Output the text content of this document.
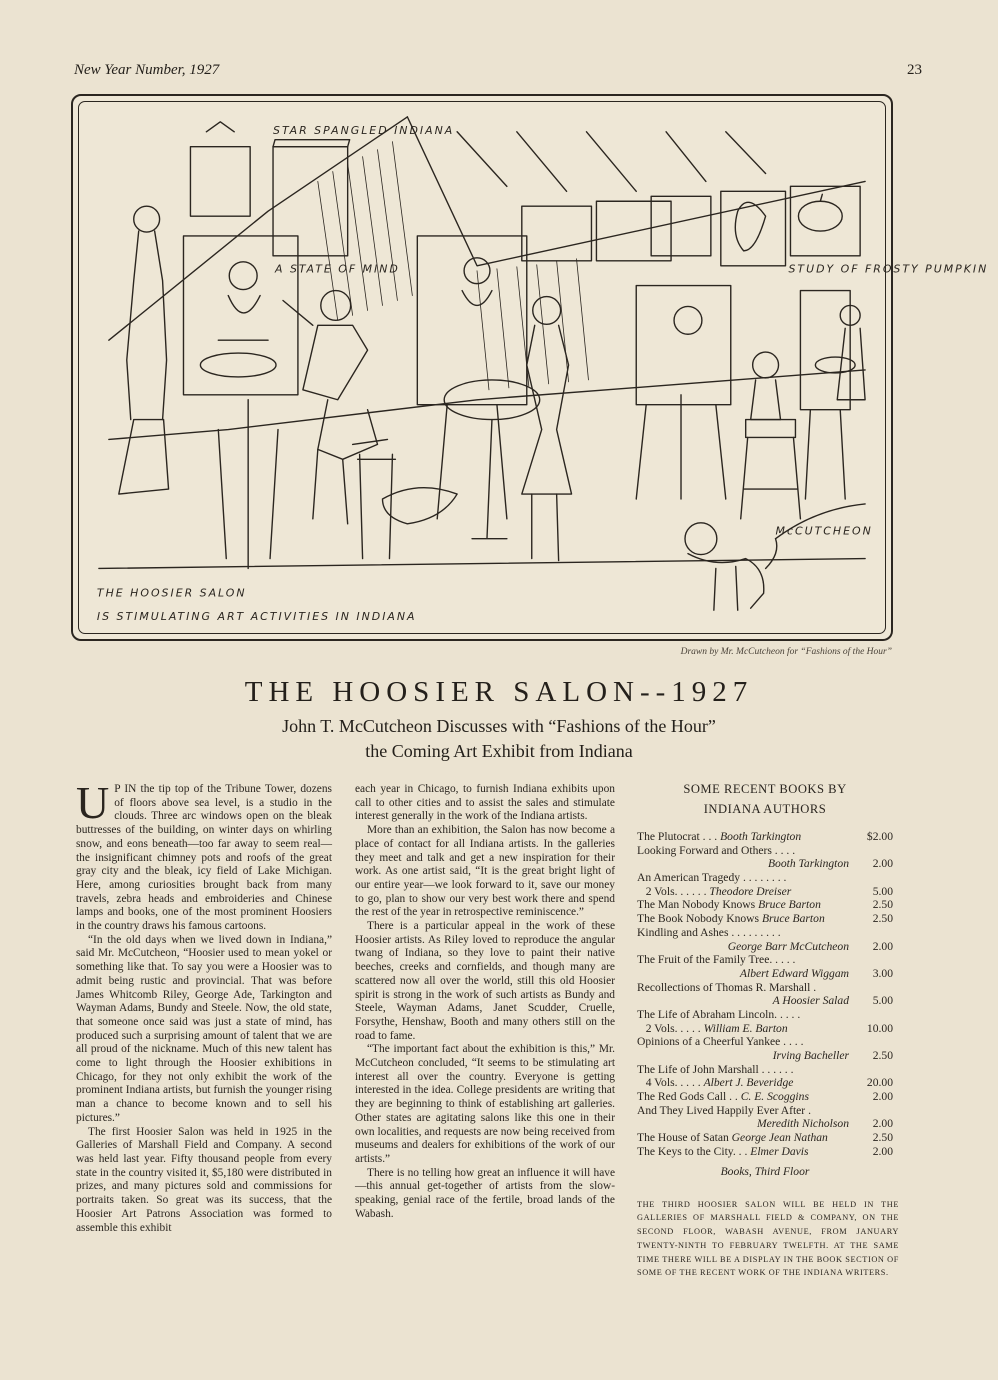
New Year Number, 1927	23
STAR SPANGLED INDIANA
A STATE OF MIND	STUDY OF FROSTY PUMPKIN
McCUTCHEON
THE HOOSIER SALON
IS STIMULATING ART ACTIVITIES IN INDIANA
Drawn by Mr. McCutcheon for “Fashions of the Hour”
THE HOOSIER SALON--1927
John T. McCutcheon Discusses with “Fashions of the Hour”
the Coming Art Exhibit from Indiana

U P IN the tip top of the Tribune Tower, dozens of floors above sea level, is a studio in the clouds. Three arc windows open on the bleak buttresses of the building, on winter days on whirling snow, and eons beneath—too far away to seem real—the insignificant chimney pots and roofs of the great gray city and the bleak, icy field of Lake Michigan. Here, among curiosities brought back from many travels, zebra heads and embroideries and Chinese lamps and books, one of the most prominent Hoosiers in the country draws his famous cartoons.

“In the old days when we lived down in Indiana,” said Mr. McCutcheon, “Hoosier used to mean yokel or something like that. To say you were a Hoosier was to admit being rustic and provincial. That was before James Whitcomb Riley, George Ade, Tarkington and Wayman Adams, Bundy and Steele. Now, the old state, that someone once said was just a state of mind, has produced such a surprising amount of talent that we are all proud of the nickname. Much of this new talent has come to light through the Hoosier exhibitions in Chicago, for they not only exhibit the work of the prominent Indiana artists, but furnish the younger rising man a chance to become known and to sell his pictures.”

The first Hoosier Salon was held in 1925 in the Galleries of Marshall Field and Company. A second was held last year. Fifty thousand people from every state in the country visited it, $5,180 were distributed in prizes, and many pictures sold and commissions for portraits taken. So great was its success, that the Hoosier Art Patrons Association was formed to assemble this exhibit

each year in Chicago, to furnish Indiana exhibits upon call to other cities and to assist the sales and stimulate interest generally in the work of the Indiana artists.

More than an exhibition, the Salon has now become a place of contact for all Indiana artists. In the galleries they meet and talk and get a new inspiration for their work. As one artist said, “It is the great bright light of our entire year—we look forward to it, save our money to go, plan to show our very best work there and spend the rest of the year in retrospective reminiscence.”

There is a particular appeal in the work of these Hoosier artists. As Riley loved to reproduce the angular twang of Indiana, so they love to paint their native beeches, creeks and cornfields, and though many are scattered now all over the world, still this old Hoosier spirit is strong in the work of such artists as Bundy and Steele, Wayman Adams, Janet Scudder, Cruelle, Forsythe, Henshaw, Booth and many others still on the road to fame.

“The important fact about the exhibition is this,” Mr. McCutcheon concluded, “It seems to be stimulating art interest all over the country. Everyone is getting interested in the idea. College presidents are writing that they are beginning to think of establishing art galleries. Other states are agitating salons like this one in their own localities, and requests are now being received from museums and dealers for exhibitions of the work of our artists.”

There is no telling how great an influence it will have—this annual get-together of artists from the slow-speaking, genial race of the fertile, broad lands of the Wabash.

SOME RECENT BOOKS BY
INDIANA AUTHORS
The Plutocrat . . . Booth Tarkington	$2.00
Looking Forward and Others . . . .
Booth Tarkington 2.00
An American Tragedy . . . . . . . .
2 Vols. . . . . . Theodore Dreiser	5.00
The Man Nobody Knows Bruce Barton	2.50
The Book Nobody Knows Bruce Barton	2.50
Kindling and Ashes . . . . . . . . .
George Barr McCutcheon 2.00
The Fruit of the Family Tree. . . . .
Albert Edward Wiggam 3.00
Recollections of Thomas R. Marshall .
A Hoosier Salad 5.00
The Life of Abraham Lincoln. . . . .
2 Vols. . . . . William E. Barton	10.00
Opinions of a Cheerful Yankee . . . .
Irving Bacheller 2.50
The Life of John Marshall . . . . . .
4 Vols. . . . . Albert J. Beveridge	20.00
The Red Gods Call . . C. E. Scoggins	2.00
And They Lived Happily Ever After .
Meredith Nicholson 2.00
The House of Satan George Jean Nathan	2.50
The Keys to the City. . . Elmer Davis	2.00
Books, Third Floor
THE THIRD HOOSIER SALON WILL BE HELD IN THE GALLERIES OF MARSHALL FIELD & COMPANY, ON THE SECOND FLOOR, WABASH AVENUE, FROM JANUARY TWENTY-NINTH TO FEBRUARY TWELFTH. AT THE SAME TIME THERE WILL BE A DISPLAY IN THE BOOK SECTION OF SOME OF THE RECENT WORK OF THE INDIANA WRITERS.
